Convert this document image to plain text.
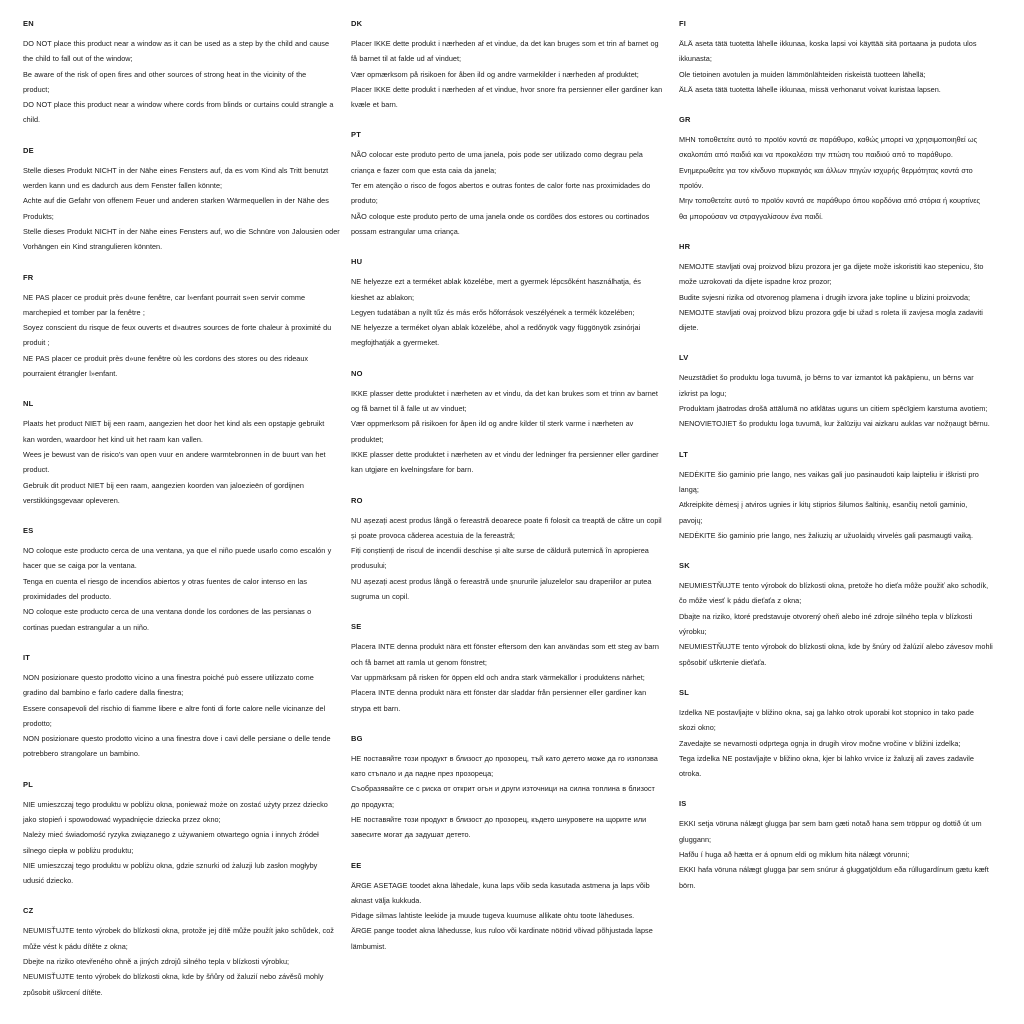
EN
DO NOT place this product near a window as it can be used as a step by the child and cause
the child to fall out of the window;
Be aware of the risk of open fires and other sources of strong heat in the vicinity of the
product;
DO NOT place this product near a window where cords from blinds or curtains could strangle a
child.
DE
Stelle dieses Produkt NICHT in der Nähe eines Fensters auf, da es vom Kind als Tritt benutzt
werden kann und es dadurch aus dem Fenster fallen könnte;
Achte auf die Gefahr von offenem Feuer und anderen starken Wärmequellen in der Nähe des
Produkts;
Stelle dieses Produkt NICHT in der Nähe eines Fensters auf, wo die Schnüre von Jalousien oder
Vorhängen ein Kind strangulieren könnten.
FR
NE PAS placer ce produit près d»une fenêtre, car l»enfant pourrait s»en servir comme
marchepied et tomber par la fenêtre ;
Soyez conscient du risque de feux ouverts et d»autres sources de forte chaleur à proximité du
produit ;
NE PAS placer ce produit près d»une fenêtre où les cordons des stores ou des rideaux
pourraient étrangler l»enfant.
NL
Plaats het product NIET bij een raam, aangezien het door het kind als een opstapje gebruikt
kan worden, waardoor het kind uit het raam kan vallen.
Wees je bewust van de risico's van open vuur en andere warmtebronnen in de buurt van het
product.
Gebruik dit product NIET bij een raam, aangezien koorden van jaloezieën of gordijnen
verstikkingsgevaar opleveren.
ES
NO coloque este producto cerca de una ventana, ya que el niño puede usarlo como escalón y
hacer que se caiga por la ventana.
Tenga en cuenta el riesgo de incendios abiertos y otras fuentes de calor intenso en las
proximidades del producto.
NO coloque este producto cerca de una ventana donde los cordones de las persianas o
cortinas puedan estrangular a un niño.
IT
NON posizionare questo prodotto vicino a una finestra poiché può essere utilizzato come
gradino dal bambino e farlo cadere dalla finestra;
Essere consapevoli del rischio di fiamme libere e altre fonti di forte calore nelle vicinanze del
prodotto;
NON posizionare questo prodotto vicino a una finestra dove i cavi delle persiane o delle tende
potrebbero strangolare un bambino.
PL
NIE umieszczaj tego produktu w pobliżu okna, ponieważ może on zostać użyty przez dziecko
jako stopień i spowodować wypadnięcie dziecka przez okno;
Należy mieć świadomość ryzyka związanego z używaniem otwartego ognia i innych źródeł
silnego ciepła w pobliżu produktu;
NIE umieszczaj tego produktu w pobliżu okna, gdzie sznurki od żaluzji lub zasłon mogłyby
udusić dziecko.
CZ
NEUMISŤUJTE tento výrobek do blízkosti okna, protože jej dítě může použít jako schůdek, což
může vést k pádu dítěte z okna;
Dbejte na riziko otevřeného ohně a jiných zdrojů silného tepla v blízkosti výrobku;
NEUMISŤUJTE tento výrobek do blízkosti okna, kde by šňůry od žaluzií nebo závěsů mohly
způsobit uškrcení dítěte.
DK
Placer IKKE dette produkt i nærheden af et vindue, da det kan bruges som et trin af barnet og
få barnet til at falde ud af vinduet;
Vær opmærksom på risikoen for åben ild og andre varmekilder i nærheden af produktet;
Placer IKKE dette produkt i nærheden af et vindue, hvor snore fra persienner eller gardiner kan
kvæle et barn.
PT
NÃO colocar este produto perto de uma janela, pois pode ser utilizado como degrau pela
criança e fazer com que esta caia da janela;
Ter em atenção o risco de fogos abertos e outras fontes de calor forte nas proximidades do
produto;
NÃO coloque este produto perto de uma janela onde os cordões dos estores ou cortinados
possam estrangular uma criança.
HU
NE helyezze ezt a terméket ablak közelébe, mert a gyermek lépcsőként használhatja, és
kieshet az ablakon;
Legyen tudatában a nyílt tűz és más erős hőforrások veszélyének a termék közelében;
NE helyezze a terméket olyan ablak közelébe, ahol a redőnyök vagy függönyök zsinórjai
megfojthatják a gyermeket.
NO
IKKE plasser dette produktet i nærheten av et vindu, da det kan brukes som et trinn av barnet
og få barnet til å falle ut av vinduet;
Vær oppmerksom på risikoen for åpen ild og andre kilder til sterk varme i nærheten av
produktet;
IKKE plasser dette produktet i nærheten av et vindu der ledninger fra persienner eller gardiner
kan utgjøre en kvelningsfare for barn.
RO
NU așezați acest produs lângă o fereastră deoarece poate fi folosit ca treaptă de către un copil
și poate provoca căderea acestuia de la fereastră;
Fiți conștienți de riscul de incendii deschise și alte surse de căldură puternică în apropierea
produsului;
NU așezați acest produs lângă o fereastră unde șnururile jaluzelelor sau draperiilor ar putea
sugruma un copil.
SE
Placera INTE denna produkt nära ett fönster eftersom den kan användas som ett steg av barn
och få barnet att ramla ut genom fönstret;
Var uppmärksam på risken för öppen eld och andra stark värmekällor i produktens närhet;
Placera INTE denna produkt nära ett fönster där sladdar från persienner eller gardiner kan
strypa ett barn.
BG
НЕ поставяйте този продукт в близост до прозорец, тъй като детето може да го използва
като стъпало и да падне през прозореца;
Съобразявайте се с риска от открит огън и други източници на силна топлина в близост
до продукта;
НЕ поставяйте този продукт в близост до прозорец, където шнуровете на щорите или
завесите могат да задушат детето.
EE
ÄRGE ASETAGE toodet akna lähedale, kuna laps võib seda kasutada astmena ja laps võib
aknast välja kukkuda.
Pidage silmas lahtiste leekide ja muude tugeva kuumuse allikate ohtu toote lähedusеs.
ÄRGE pange toodet akna lähedusse, kus ruloo või kardinate nöörid võivad põhjustada lapse
lämbumist.
FI
ÄLÄ aseta tätä tuotetta lähelle ikkunaa, koska lapsi voi käyttää sitä portaana ja pudota ulos
ikkunasta;
Ole tietoinen avotulen ja muiden lämmönlähteiden riskeistä tuotteen lähellä;
ÄLÄ aseta tätä tuotetta lähelle ikkunaa, missä verhonarut voivat kuristaa lapsen.
GR
ΜΗΝ τοποθετείτε αυτό το προϊόν κοντά σε παράθυρο, καθώς μπορεί να χρησιμοποιηθεί ως
σκαλοπάτι από παιδιά και να προκαλέσει την πτώση του παιδιού από το παράθυρο.
Ενημερωθείτε για τον κίνδυνο πυρκαγιάς και άλλων πηγών ισχυρής θερμότητας κοντά στο
προϊόν.
Μην τοποθετείτε αυτό το προϊόν κοντά σε παράθυρο όπου κορδόνια από στόρια ή κουρτίνες
θα μπορούσαν να στραγγαλίσουν ένα παιδί.
HR
NEMOJTE stavljati ovaj proizvod blizu prozora jer ga dijete može iskoristiti kao stepenicu, što
može uzrokovati da dijete ispadne kroz prozor;
Budite svjesni rizika od otvorenog plamena i drugih izvora jake topline u blizini proizvoda;
NEMOJTE stavljati ovaj proizvod blizu prozora gdje bi užad s roleta ili zavjesa mogla zadaviti
dijete.
LV
Neuzstādiet šo produktu loga tuvumā, jo bērns to var izmantot kā pakāpienu, un bērns var
izkrist pa logu;
Produktam jāatrodas drošā attālumā no atklātas uguns un citiem spēcīgiem karstuma avotiem;
NENOVIETOJIET šo produktu loga tuvumā, kur žalūziju vai aizkaru auklas var nožņaugt bērnu.
LT
NEDĖKITE šio gaminio prie lango, nes vaikas gali juo pasinaudoti kaip laipteliu ir iškristi pro
langą;
Atkreipkite dėmesį į atviros ugnies ir kitų stiprios šilumos šaltinių, esančių netoli gaminio,
pavojų;
NEDĖKITE šio gaminio prie lango, nes žaliuzių ar užuolaidų virvelės gali pasmaugti vaiką.
SK
NEUMIESTŇUJTE tento výrobok do blízkosti okna, pretože ho dieťa môže použiť ako schodík,
čo môže viesť k pádu dieťaťa z okna;
Dbajte na riziko, ktoré predstavuje otvorený oheň alebo iné zdroje silného tepla v blízkosti
výrobku;
NEUMIESTŇUJTE tento výrobok do blízkosti okna, kde by šnúry od žalúzií alebo závesov mohli
spôsobiť uškrtenie dieťaťa.
SL
Izdelka NE postavljajte v bližino okna, saj ga lahko otrok uporabi kot stopnico in tako pade
skozi okno;
Zavedajte se nevarnosti odprtega ognja in drugih virov močne vročine v bližini izdelka;
Tega izdelka NE postavljajte v bližino okna, kjer bi lahko vrvice iz žaluzij ali zaves zadavile
otroka.
IS
EKKI setja vöruna nálægt glugga þar sem barn gæti notað hana sem tröppur og dottið út um
gluggann;
Hafðu í huga að hætta er á opnum eldi og miklum hita nálægt vörunni;
EKKI hafa vöruna nálægt glugga þar sem snúrur á gluggatjöldum eða rúllugardínum gætu kæft
börn.
